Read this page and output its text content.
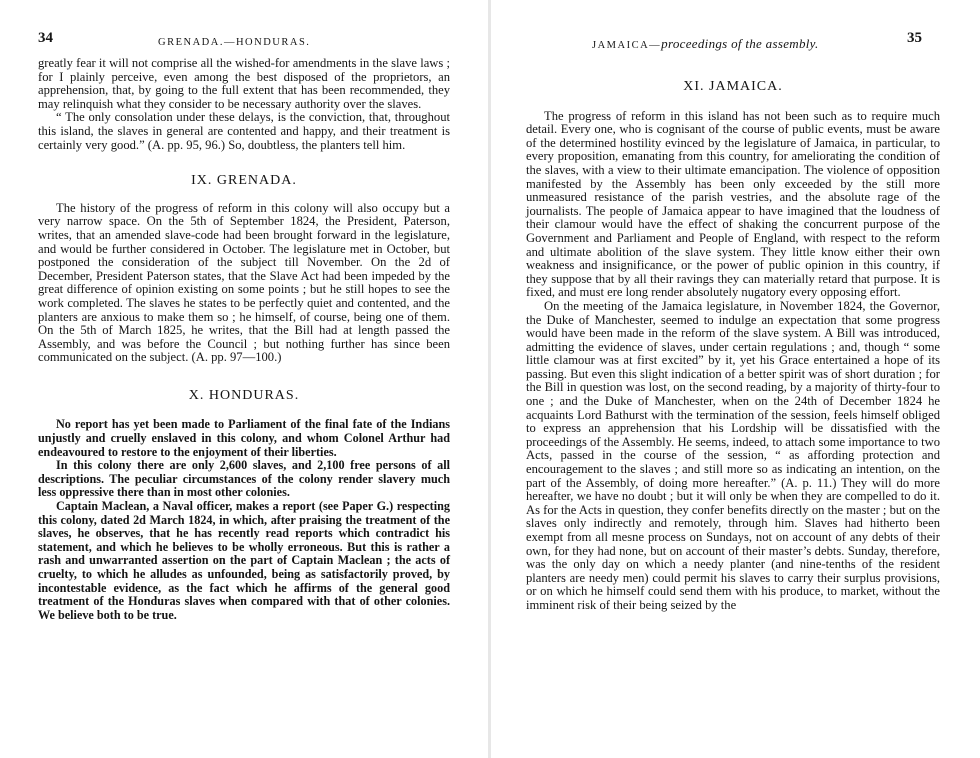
34	GRENADA.—HONDURAS.

greatly fear it will not comprise all the wished-for amendments in the slave laws ; for I plainly perceive, even among the best disposed of the proprietors, an apprehension, that, by going to the full extent that has been recommended, they may relinquish what they consider to be necessary authority over the slaves.

“ The only consolation under these delays, is the conviction, that, throughout this island, the slaves in general are contented and happy, and their treatment is certainly very good.” (A. pp. 95, 96.) So, doubtless, the planters tell him.

IX. GRENADA.

The history of the progress of reform in this colony will also occupy but a very narrow space. On the 5th of September 1824, the President, Paterson, writes, that an amended slave-code had been brought forward in the legislature, and would be further considered in October. The legislature met in October, but postponed the consideration of the subject till November. On the 2d of December, President Paterson states, that the Slave Act had been impeded by the great difference of opinion existing on some points ; but he still hopes to see the work completed. The slaves he states to be perfectly quiet and contented, and the planters are anxious to make them so ; he himself, of course, being one of them. On the 5th of March 1825, he writes, that the Bill had at length passed the Assembly, and was before the Council ; but nothing further has since been communicated on the subject. (A. pp. 97—100.)

X. HONDURAS.

No report has yet been made to Parliament of the final fate of the Indians unjustly and cruelly enslaved in this colony, and whom Colonel Arthur had endeavoured to restore to the enjoyment of their liberties.

In this colony there are only 2,600 slaves, and 2,100 free persons of all descriptions. The peculiar circumstances of the colony render slavery much less oppressive there than in most other colonies.

Captain Maclean, a Naval officer, makes a report (see Paper G.) respecting this colony, dated 2d March 1824, in which, after praising the treatment of the slaves, he observes, that he has recently read reports which contradict his statement, and which he believes to be wholly erroneous. But this is rather a rash and unwarranted assertion on the part of Captain Maclean ; the acts of cruelty, to which he alludes as unfounded, being as satisfactorily proved, by incontestable evidence, as the fact which he affirms of the general good treatment of the Honduras slaves when compared with that of other colonies. We believe both to be true.

JAMAICA—proceedings of the assembly.	35
XI. JAMAICA.

The progress of reform in this island has not been such as to require much detail. Every one, who is cognisant of the course of public events, must be aware of the determined hostility evinced by the legislature of Jamaica, in particular, to every proposition, emanating from this country, for ameliorating the condition of the slaves, with a view to their ultimate emancipation. The violence of opposition manifested by the Assembly has been only exceeded by the still more unmeasured resistance of the parish vestries, and the absolute rage of the journalists. The people of Jamaica appear to have imagined that the loudness of their clamour would have the effect of shaking the concurrent purpose of the Government and Parliament and People of England, with respect to the reform and ultimate abolition of the slave system. They little know either their own weakness and insignificance, or the power of public opinion in this country, if they suppose that by all their ravings they can materially retard that purpose. It is fixed, and must ere long render absolutely nugatory every opposing effort.

On the meeting of the Jamaica legislature, in November 1824, the Governor, the Duke of Manchester, seemed to indulge an expectation that some progress would have been made in the reform of the slave system. A Bill was introduced, admitting the evidence of slaves, under certain regulations ; and, though “ some little clamour was at first excited” by it, yet his Grace entertained a hope of its passing. But even this slight indication of a better spirit was of short duration ; for the Bill in question was lost, on the second reading, by a majority of thirty-four to one ; and the Duke of Manchester, when on the 24th of December 1824 he acquaints Lord Bathurst with the termination of the session, feels himself obliged to express an apprehension that his Lordship will be dissatisfied with the proceedings of the Assembly. He seems, indeed, to attach some importance to two Acts, passed in the course of the session, “ as affording protection and encouragement to the slaves ; and still more so as indicating an intention, on the part of the Assembly, of doing more hereafter.” (A. p. 11.) They will do more hereafter, we have no doubt ; but it will only be when they are compelled to do it. As for the Acts in question, they confer benefits directly on the master ; but on the slaves only indirectly and remotely, through him. Slaves had hitherto been exempt from all mesne process on Sundays, not on account of any debts of their own, for they had none, but on account of their master’s debts. Sunday, therefore, was the only day on which a needy planter (and nine-tenths of the resident planters are needy men) could permit his slaves to carry their surplus provisions, or on which he himself could send them with his produce, to market, without the imminent risk of their being seized by the
